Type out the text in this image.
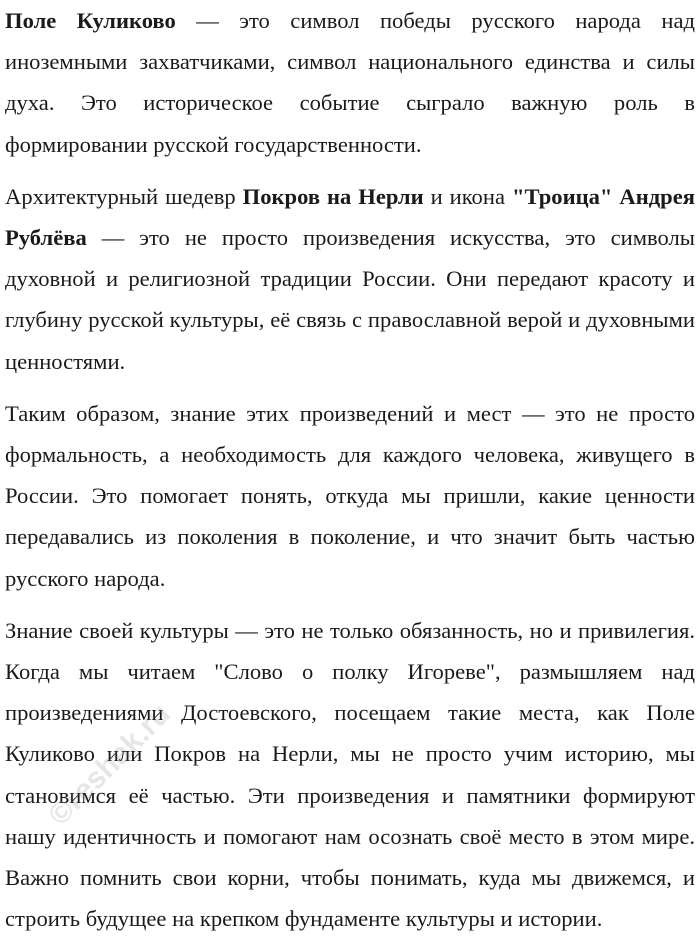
Поле Куликово — это символ победы русского народа над иноземными захватчиками, символ национального единства и силы духа. Это историческое событие сыграло важную роль в формировании русской государственности.

Архитектурный шедевр Покров на Нерли и икона "Троица" Андрея Рублёва — это не просто произведения искусства, это символы духовной и религиозной традиции России. Они передают красоту и глубину русской культуры, её связь с православной верой и духовными ценностями.

Таким образом, знание этих произведений и мест — это не просто формальность, а необходимость для каждого человека, живущего в России. Это помогает понять, откуда мы пришли, какие ценности передавались из поколения в поколение, и что значит быть частью русского народа.

Знание своей культуры — это не только обязанность, но и привилегия. Когда мы читаем "Слово о полку Игореве", размышляем над произведениями Достоевского, посещаем такие места, как Поле Куликово или Покров на Нерли, мы не просто учим историю, мы становимся её частью. Эти произведения и памятники формируют нашу идентичность и помогают нам осознать своё место в этом мире. Важно помнить свои корни, чтобы понимать, куда мы движемся, и строить будущее на крепком фундаменте культуры и истории.

©reshak.ru
